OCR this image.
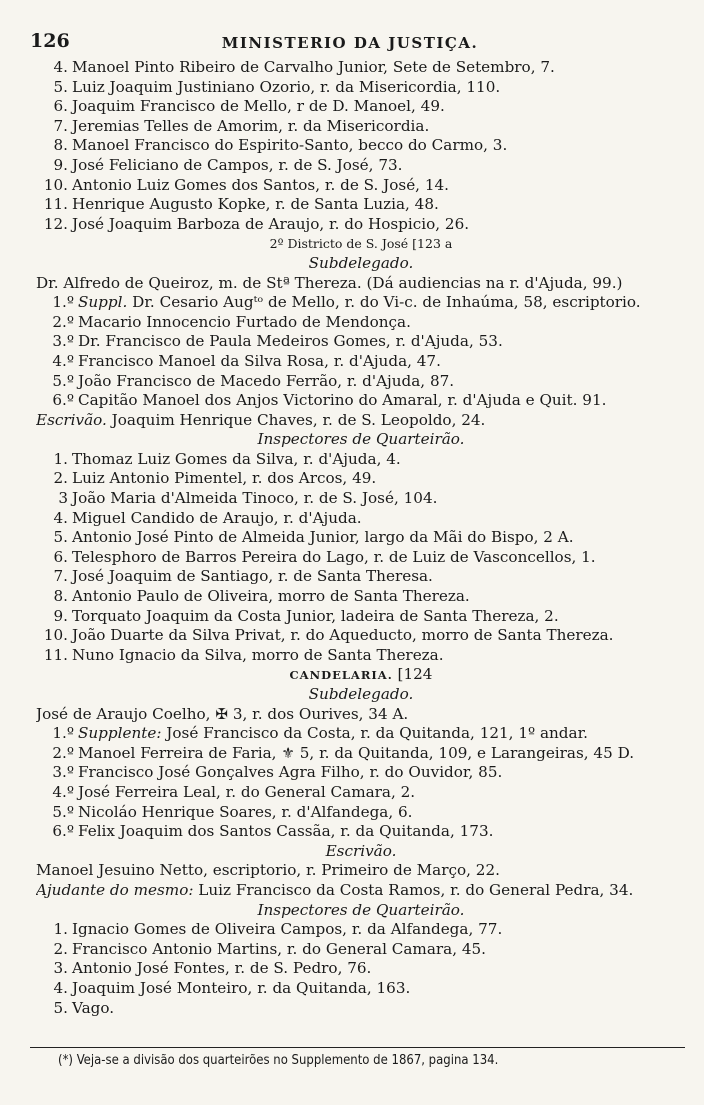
126	MINISTERIO DA JUSTIÇA.
4. Manoel Pinto Ribeiro de Carvalho Junior, Sete de Setembro, 7.
5. Luiz Joaquim Justiniano Ozorio, r. da Misericordia, 110.
6. Joaquim Francisco de Mello, r de D. Manoel, 49.
7. Jeremias Telles de Amorim, r. da Misericordia.
8. Manoel Francisco do Espirito-Santo, becco do Carmo, 3.
9. José Feliciano de Campos, r. de S. José, 73.
10. Antonio Luiz Gomes dos Santos, r. de S. José, 14.
11. Henrique Augusto Kopke, r. de Santa Luzia, 48.
12. José Joaquim Barboza de Araujo, r. do Hospicio, 26.
2º Districto de S. José [123 a
Subdelegado.
Dr. Alfredo de Queiroz, m. de Stª Thereza. (Dá audiencias na r. d'Ajuda, 99.)
1.º Suppl. Dr. Cesario Augᵗᵒ de Mello, r. do Vi-c. de Inhaúma, 58, escriptorio.
2.º Macario Innocencio Furtado de Mendonça.
3.º Dr. Francisco de Paula Medeiros Gomes, r. d'Ajuda, 53.
4.º Francisco Manoel da Silva Rosa, r. d'Ajuda, 47.
5.º João Francisco de Macedo Ferrão, r. d'Ajuda, 87.
6.º Capitão Manoel dos Anjos Victorino do Amaral, r. d'Ajuda e Quit. 91.
Escrivão. Joaquim Henrique Chaves, r. de S. Leopoldo, 24.
Inspectores de Quarteirão.
1. Thomaz Luiz Gomes da Silva, r. d'Ajuda, 4.
2. Luiz Antonio Pimentel, r. dos Arcos, 49.
3 João Maria d'Almeida Tinoco, r. de S. José, 104.
4. Miguel Candido de Araujo, r. d'Ajuda.
5. Antonio José Pinto de Almeida Junior, largo da Mãi do Bispo, 2 A.
6. Telesphoro de Barros Pereira do Lago, r. de Luiz de Vasconcellos, 1.
7. José Joaquim de Santiago, r. de Santa Theresa.
8. Antonio Paulo de Oliveira, morro de Santa Thereza.
9. Torquato Joaquim da Costa Junior, ladeira de Santa Thereza, 2.
10. João Duarte da Silva Privat, r. do Aqueducto, morro de Santa Thereza.
11. Nuno Ignacio da Silva, morro de Santa Thereza.
CANDELARIA. [124
Subdelegado.
José de Araujo Coelho, ✠ 3, r. dos Ourives, 34 A.
1.º Supplente: José Francisco da Costa, r. da Quitanda, 121, 1º andar.
2.º Manoel Ferreira de Faria, ⚜ 5, r. da Quitanda, 109, e Larangeiras, 45 D.
3.º Francisco José Gonçalves Agra Filho, r. do Ouvidor, 85.
4.º José Ferreira Leal, r. do General Camara, 2.
5.º Nicoláo Henrique Soares, r. d'Alfandega, 6.
6.º Felix Joaquim dos Santos Cassãa, r. da Quitanda, 173.
Escrivão.
Manoel Jesuino Netto, escriptorio, r. Primeiro de Março, 22.
Ajudante do mesmo: Luiz Francisco da Costa Ramos, r. do General Pedra, 34.
Inspectores de Quarteirão.
1. Ignacio Gomes de Oliveira Campos, r. da Alfandega, 77.
2. Francisco Antonio Martins, r. do General Camara, 45.
3. Antonio José Fontes, r. de S. Pedro, 76.
4. Joaquim José Monteiro, r. da Quitanda, 163.
5. Vago.
(*) Veja-se a divisão dos quarteirões no Supplemento de 1867, pagina 134.
